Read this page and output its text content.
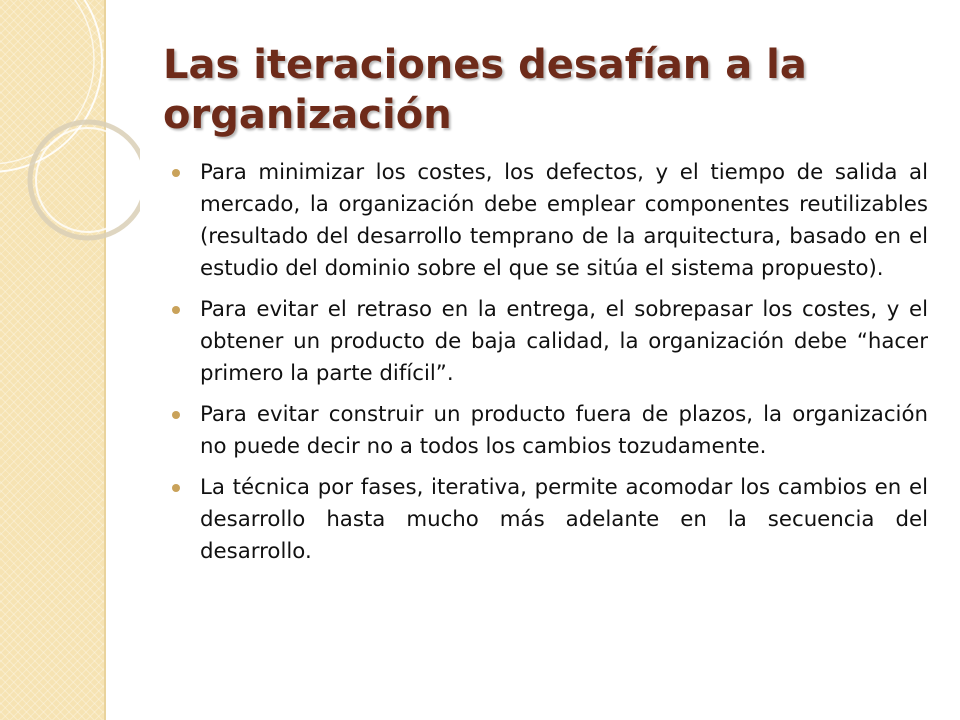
Las iteraciones desafían a la organización
Para minimizar los costes, los defectos, y el tiempo de salida al mercado, la organización debe emplear componentes reutilizables (resultado del desarrollo temprano de la arquitectura, basado en el estudio del dominio sobre el que se sitúa el sistema propuesto).
Para evitar el retraso en la entrega, el sobrepasar los costes, y el obtener un producto de baja calidad, la organización debe “hacer primero la parte difícil”.
Para evitar construir un producto fuera de plazos, la organización no puede decir no a todos los cambios tozudamente.
La técnica por fases, iterativa, permite acomodar los cambios en el desarrollo hasta mucho más adelante en la secuencia del desarrollo.
